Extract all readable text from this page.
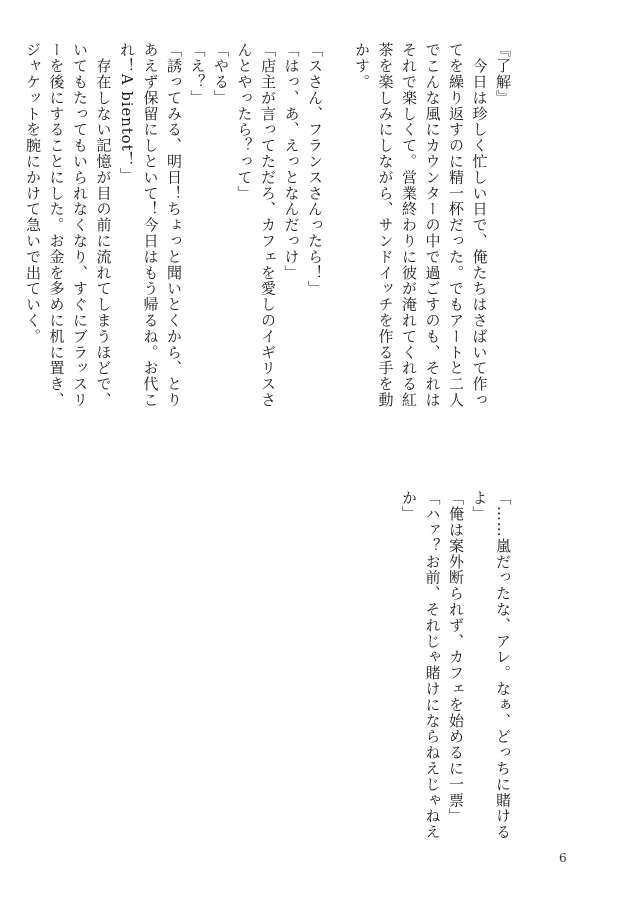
『了解』
　今日は珍しく忙しい日で、俺たちはさばいて作っ
てを繰り返すのに精一杯だった。でもアートと二人
でこんな風にカウンターの中で過ごすのも、それは
それで楽しくて。営業終わりに彼が淹れてくれる紅
茶を楽しみにしながら、サンドイッチを作る手を動
かす。
「スさん、フランスさんったら！」
「はっ、あ、えっとなんだっけ」
「店主が言ってただろ、カフェを愛しのイギリスさ
んとやったら？って」
「やる」
「え？」
「誘ってみる、明日！ちょっと聞いとくから、とり
あえず保留にしといて！今日はもう帰るね。お代こ
れ！A bientot！」
　存在しない記憶が目の前に流れてしまうほどで、
いてもたってもいられなくなり、すぐにブラッスリ
ーを後にすることにした。お金を多めに机に置き、
ジャケットを腕にかけて急いで出ていく。
「……嵐だったな、アレ。なぁ、どっちに賭ける
よ」
「俺は案外断られず、カフェを始めるに一票」
「ハァ？お前、それじゃ賭けにならねえじゃねえ
か」
6
